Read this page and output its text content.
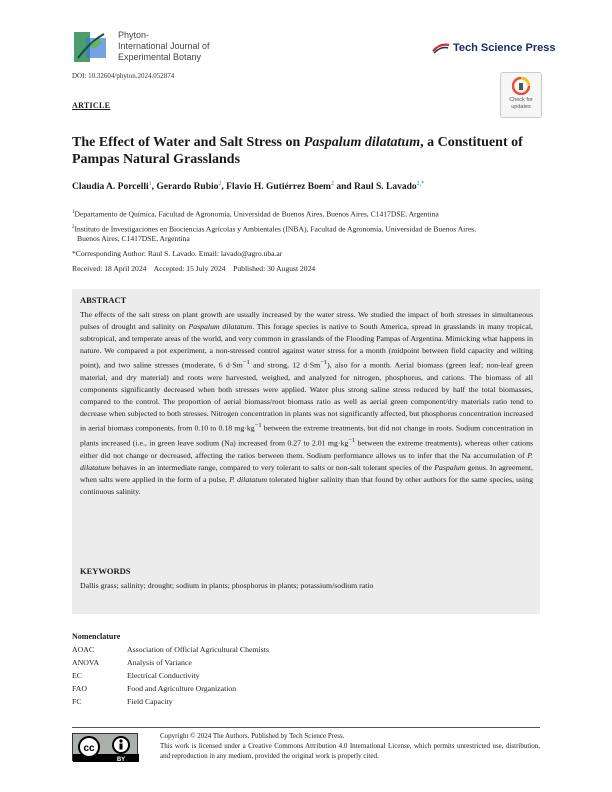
Phyton-
International Journal of
Experimental Botany
Tech Science Press
DOI: 10.32604/phyton.2024.052874
Check for
updates
ARTICLE
The Effect of Water and Salt Stress on Paspalum dilatatum, a Constituent of Pampas Natural Grasslands
Claudia A. Porcelli$^1$, Gerardo Rubio$^2$, Flavio H. Gutiérrez Boem$^2$ and Raul S. Lavado$^{2,*}$
$^1$Departamento de Química, Facultad de Agronomía, Universidad de Buenos Aires, Buenos Aires, C1417DSE, Argentina
$^2$Instituto de Investigaciones en Biociencias Agrícolas y Ambientales (INBA), Facultad de Agronomía, Universidad de Buenos Aires,
Buenos Aires, C1417DSE, Argentina
*Corresponding Author: Raul S. Lavado. Email: lavado@agro.uba.ar
Received: 18 April 2024    Accepted: 15 July 2024    Published: 30 August 2024
ABSTRACT
The effects of the salt stress on plant growth are usually increased by the water stress. We studied the impact of both stresses in simultaneous pulses of drought and salinity on Paspalum dilatatum. This forage species is native to South America, spread in grasslands in many tropical, subtropical, and temperate areas of the world, and very common in grasslands of the Flooding Pampas of Argentina. Mimicking what happens in nature. We compared a pot experiment, a non-stressed control against water stress for a month (midpoint between field capacity and wilting point), and two saline stresses (moderate, 6 $d\cdot Sm^{-1}$ and strong, 12 $d\cdot Sm^{-1}$), also for a month. Aerial biomass (green leaf; non-leaf green material, and dry material) and roots were harvested, weighed, and analyzed for nitrogen, phosphorus, and cations. The biomass of all components significantly decreased when both stresses were applied. Water plus strong saline stress reduced by half the total biomasses, compared to the control. The proportion of aerial biomass/root biomass ratio as well as aerial green component/dry materials ratio tend to decrease when subjected to both stresses. Nitrogen concentration in plants was not significantly affected, but phosphorus concentration increased in aerial biomass components, from 0.10 to 0.18 $mg\cdot kg^{-1}$ between the extreme treatments, but did not change in roots. Sodium concentration in plants increased (i.e., in green leave sodium (Na) increased from 0.27 to 2.01 $mg\cdot kg^{-1}$ between the extreme treatments), whereas other cations either did not change or decreased, affecting the ratios between them. Sodium performance allows us to infer that the Na accumulation of P. dilatatum behaves in an intermediate range, compared to very tolerant to salts or non-salt tolerant species of the Paspalum genus. In agreement, when salts were applied in the form of a pulse, P. dilatatum tolerated higher salinity than that found by other authors for the same species, using continuous salinity.
KEYWORDS
Dallis grass; salinity; drought; sodium in plants; phosphorus in plants; potassium/sodium ratio
Nomenclature
AOAC	Association of Official Agricultural Chemists
ANOVA	Analysis of Variance
EC	Electrical Conductivity
FAO	Food and Agriculture Organization
FC	Field Capacity
cc
BY
Copyright © 2024 The Authors. Published by Tech Science Press.
This work is licensed under a Creative Commons Attribution 4.0 International License, which permits unrestricted use, distribution, and reproduction in any medium, provided the original work is properly cited.
